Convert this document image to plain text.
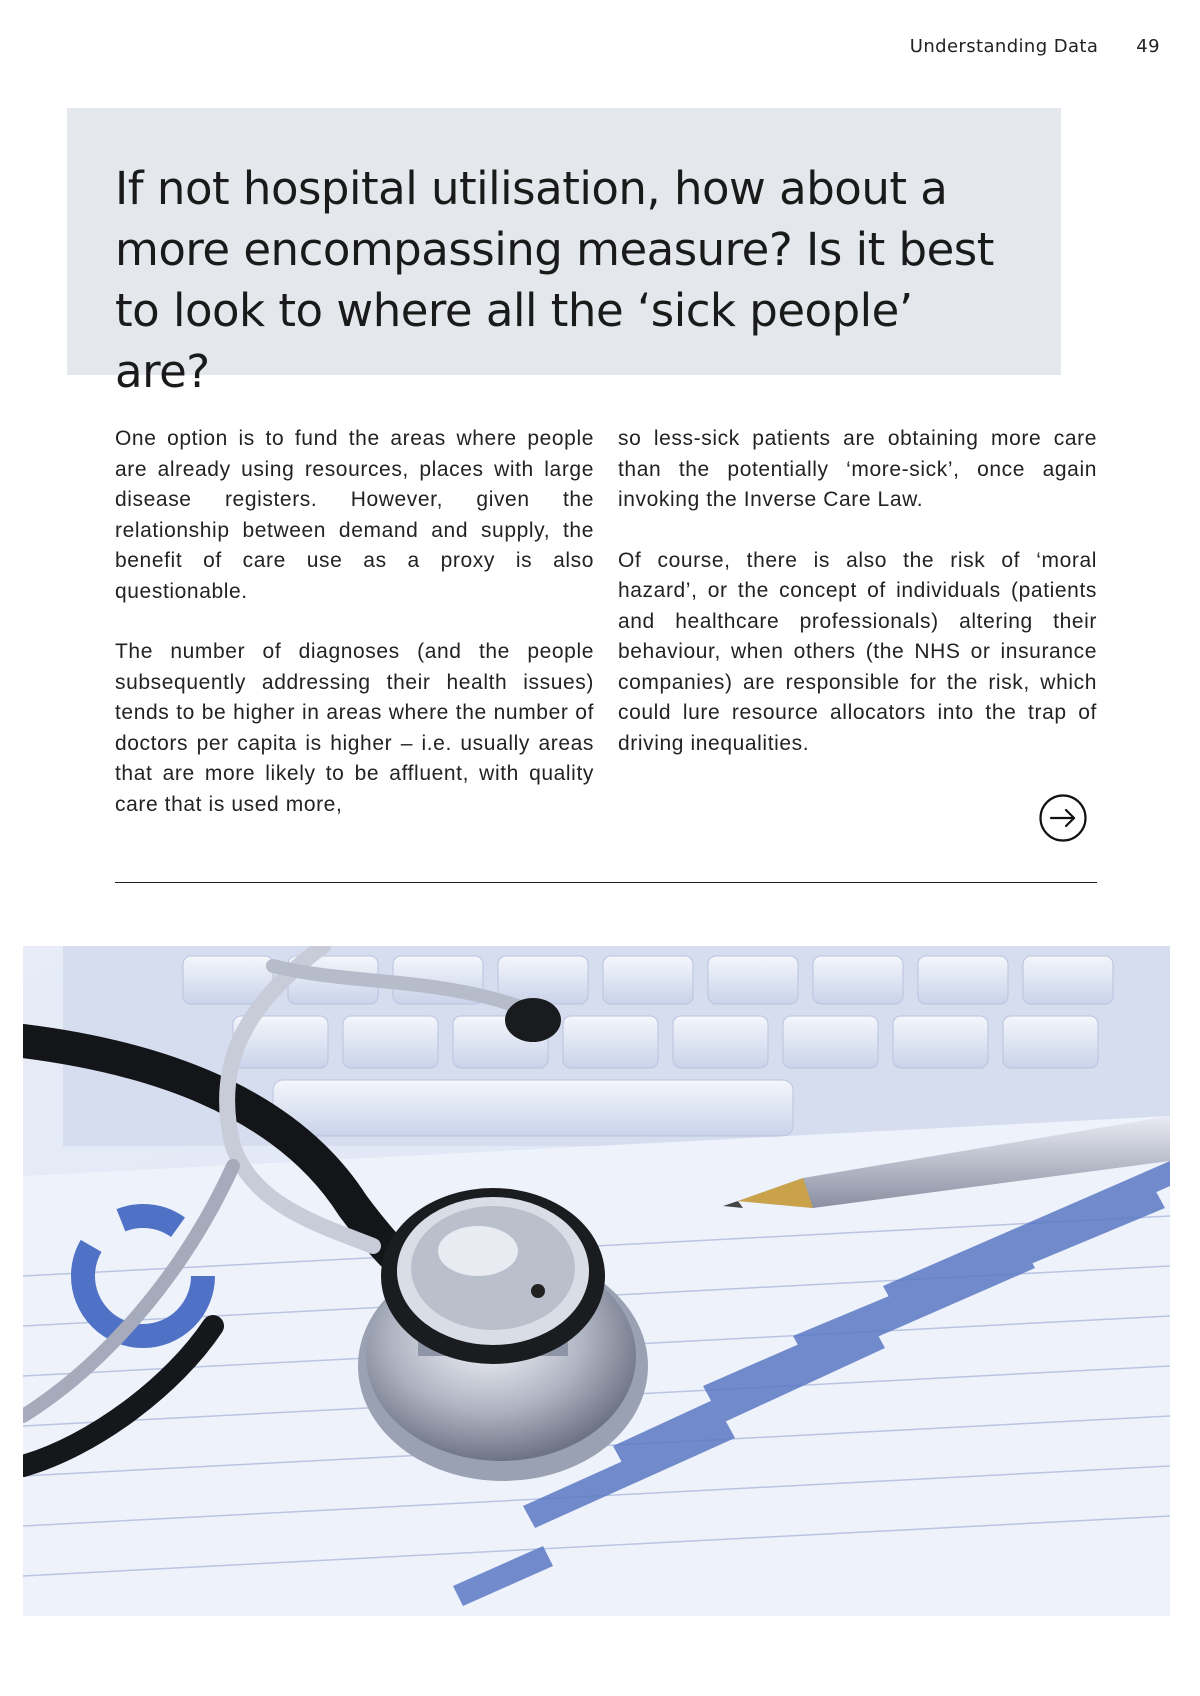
Understanding Data 49
If not hospital utilisation, how about a more encompassing measure? Is it best to look to where all the ‘sick people’ are?

One option is to fund the areas where people are already using resources, places with large disease registers. However, given the relationship between demand and supply, the benefit of care use as a proxy is also questionable.

The number of diagnoses (and the people subsequently addressing their health issues) tends to be higher in areas where the number of doctors per capita is higher – i.e. usually areas that are more likely to be affluent, with quality care that is used more,

so less-sick patients are obtaining more care than the potentially ‘more-sick’, once again invoking the Inverse Care Law.

Of course, there is also the risk of ‘moral hazard’, or the concept of individuals (patients and healthcare professionals) altering their behaviour, when others (the NHS or insurance companies) are responsible for the risk, which could lure resource allocators into the trap of driving inequalities.
